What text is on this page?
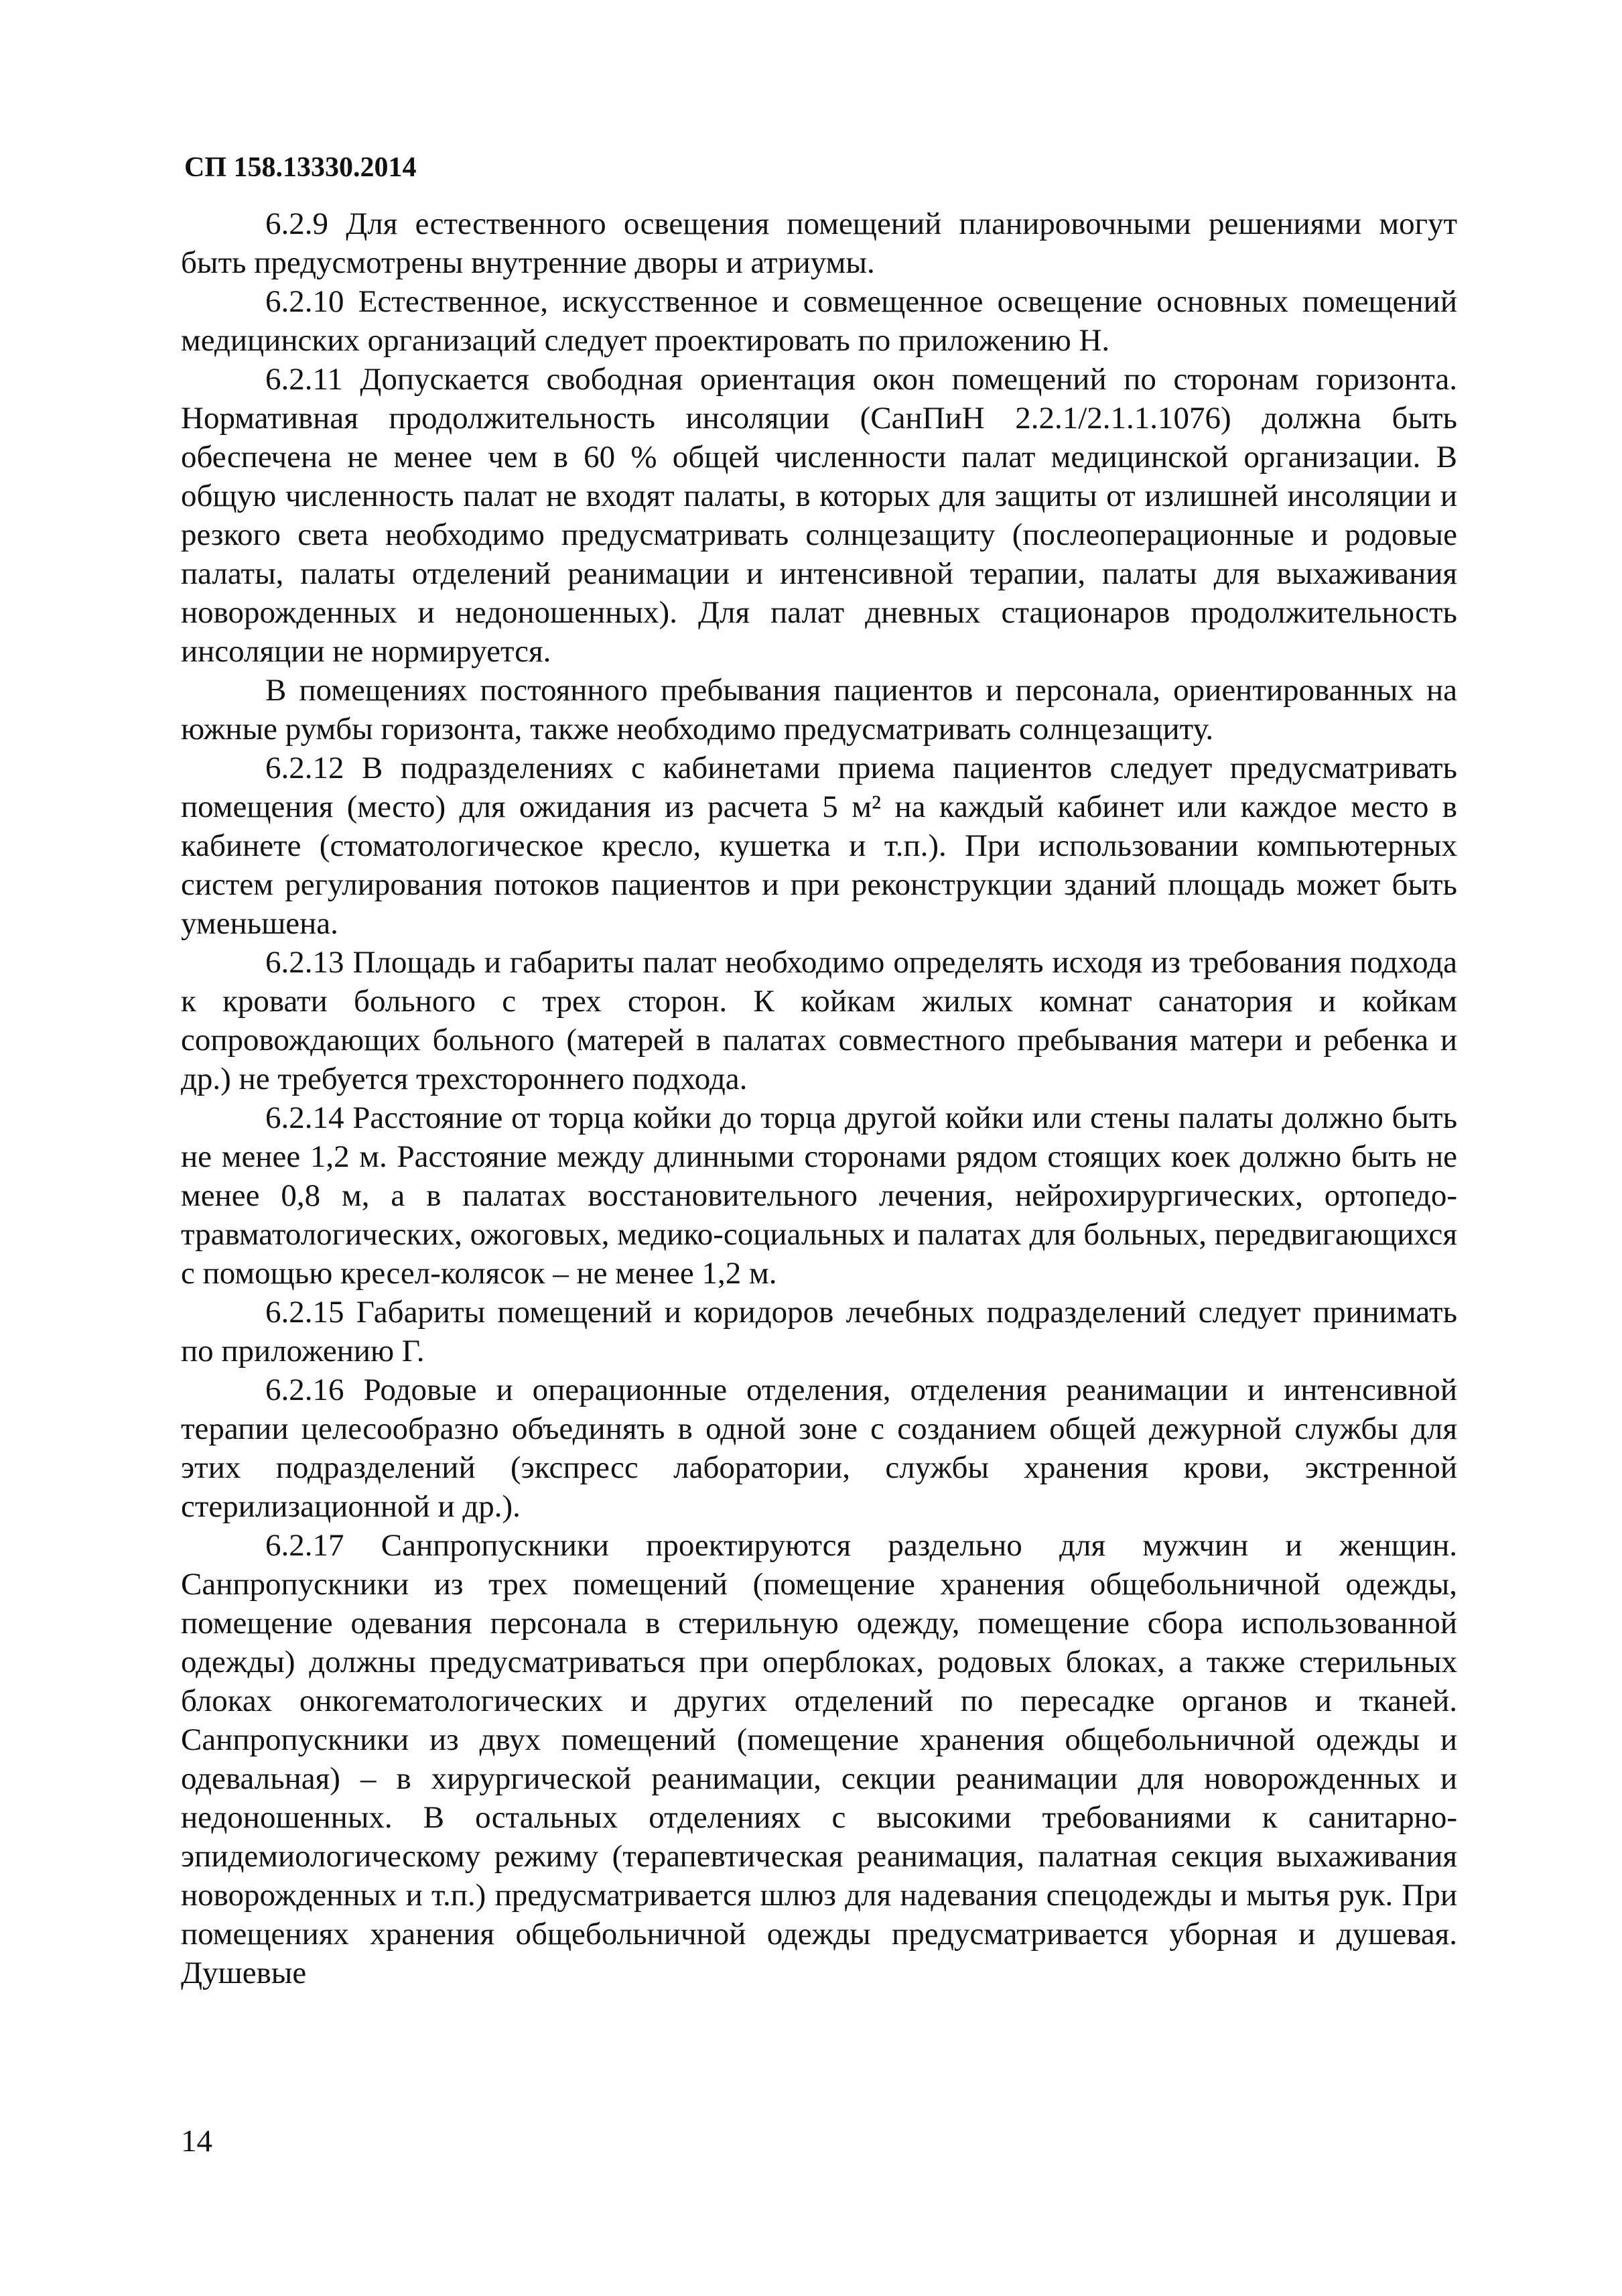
СП 158.13330.2014

6.2.9 Для естественного освещения помещений планировочными решениями могут быть предусмотрены внутренние дворы и атриумы.

6.2.10 Естественное, искусственное и совмещенное освещение основных помещений медицинских организаций следует проектировать по приложению Н.

6.2.11 Допускается свободная ориентация окон помещений по сторонам горизонта. Нормативная продолжительность инсоляции (СанПиН 2.2.1/2.1.1.1076) должна быть обеспечена не менее чем в 60 % общей численности палат медицинской организации. В общую численность палат не входят палаты, в которых для защиты от излишней инсоляции и резкого света необходимо предусматривать солнцезащиту (послеоперационные и родовые палаты, палаты отделений реанимации и интенсивной терапии, палаты для выхаживания новорожденных и недоношенных). Для палат дневных стационаров продолжительность инсоляции не нормируется.

В помещениях постоянного пребывания пациентов и персонала, ориентированных на южные румбы горизонта, также необходимо предусматривать солнцезащиту.

6.2.12 В подразделениях с кабинетами приема пациентов следует предусматривать помещения (место) для ожидания из расчета 5 м² на каждый кабинет или каждое место в кабинете (стоматологическое кресло, кушетка и т.п.). При использовании компьютерных систем регулирования потоков пациентов и при реконструкции зданий площадь может быть уменьшена.

6.2.13 Площадь и габариты палат необходимо определять исходя из требования подхода к кровати больного с трех сторон. К койкам жилых комнат санатория и койкам сопровождающих больного (матерей в палатах совместного пребывания матери и ребенка и др.) не требуется трехстороннего подхода.

6.2.14 Расстояние от торца койки до торца другой койки или стены палаты должно быть не менее 1,2 м. Расстояние между длинными сторонами рядом стоящих коек должно быть не менее 0,8 м, а в палатах восстановительного лечения, нейрохирургических, ортопедо-травматологических, ожоговых, медико-социальных и палатах для больных, передвигающихся с помощью кресел-колясок – не менее 1,2 м.

6.2.15 Габариты помещений и коридоров лечебных подразделений следует принимать по приложению Г.

6.2.16 Родовые и операционные отделения, отделения реанимации и интенсивной терапии целесообразно объединять в одной зоне с созданием общей дежурной службы для этих подразделений (экспресс лаборатории, службы хранения крови, экстренной стерилизационной и др.).

6.2.17 Санпропускники проектируются раздельно для мужчин и женщин. Санпропускники из трех помещений (помещение хранения общебольничной одежды, помещение одевания персонала в стерильную одежду, помещение сбора использованной одежды) должны предусматриваться при оперблоках, родовых блоках, а также стерильных блоках онкогематологических и других отделений по пересадке органов и тканей. Санпропускники из двух помещений (помещение хранения общебольничной одежды и одевальная) – в хирургической реанимации, секции реанимации для новорожденных и недоношенных. В остальных отделениях с высокими требованиями к санитарно-эпидемиологическому режиму (терапевтическая реанимация, палатная секция выхаживания новорожденных и т.п.) предусматривается шлюз для надевания спецодежды и мытья рук. При помещениях хранения общебольничной одежды предусматривается уборная и душевая. Душевые

14
